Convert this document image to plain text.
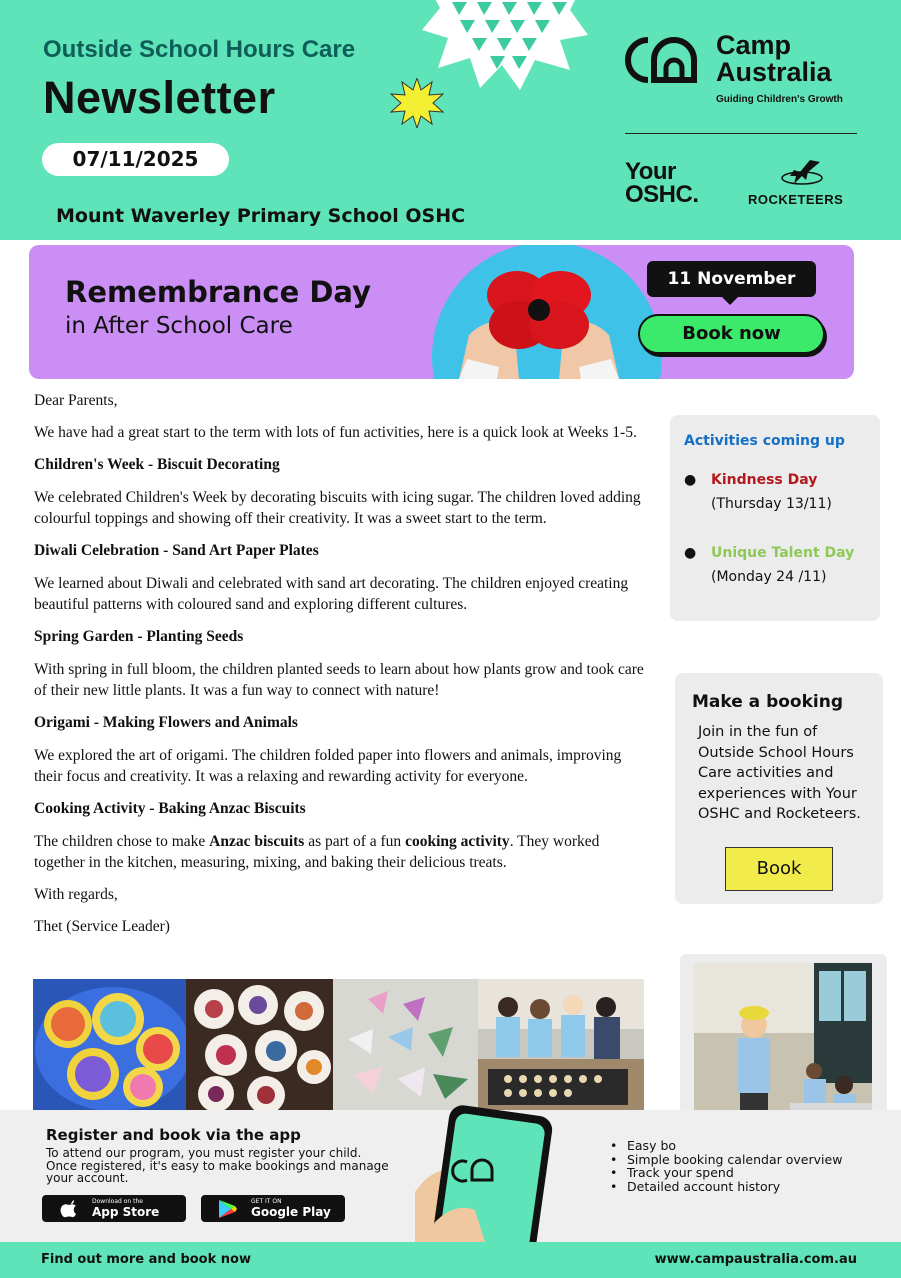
Outside School Hours Care
Newsletter
07/11/2025
Mount Waverley Primary School OSHC
Camp
Australia
Guiding Children's Growth
Your
OSHC.	ROCKETEERS
Remembrance Day
in After School Care
11 November
Book now

Dear Parents,

We have had a great start to the term with lots of fun activities, here is a quick look at Weeks 1-5.

Children's Week - Biscuit Decorating

We celebrated Children's Week by decorating biscuits with icing sugar. The children loved adding colourful toppings and showing off their creativity. It was a sweet start to the term.

Diwali Celebration - Sand Art Paper Plates

We learned about Diwali and celebrated with sand art decorating. The children enjoyed creating beautiful patterns with coloured sand and exploring different cultures.

Spring Garden - Planting Seeds

With spring in full bloom, the children planted seeds to learn about how plants grow and took care of their new little plants. It was a fun way to connect with nature!

Origami - Making Flowers and Animals

We explored the art of origami. The children folded paper into flowers and animals, improving their focus and creativity. It was a relaxing and rewarding activity for everyone.

Cooking Activity - Baking Anzac Biscuits

The children chose to make Anzac biscuits as part of a fun cooking activity. They worked together in the kitchen, measuring, mixing, and baking their delicious treats.

With regards,

Thet (Service Leader)

Activities coming up
●	Kindness Day
(Thursday 13/11)
●	Unique Talent Day
(Monday 24 /11)
Make a booking
Join in the fun of Outside School Hours Care activities and experiences with Your OSHC and Rocketeers.
Book
Register and book via the app
To attend our program, you must register your child. Once registered, it's easy to make bookings and manage your account.
Download on the
App Store
GET IT ON
Google Play
• Easy bo
• Simple booking calendar overview
• Track your spend
• Detailed account history
Find out more and book now	www.campaustralia.com.au
